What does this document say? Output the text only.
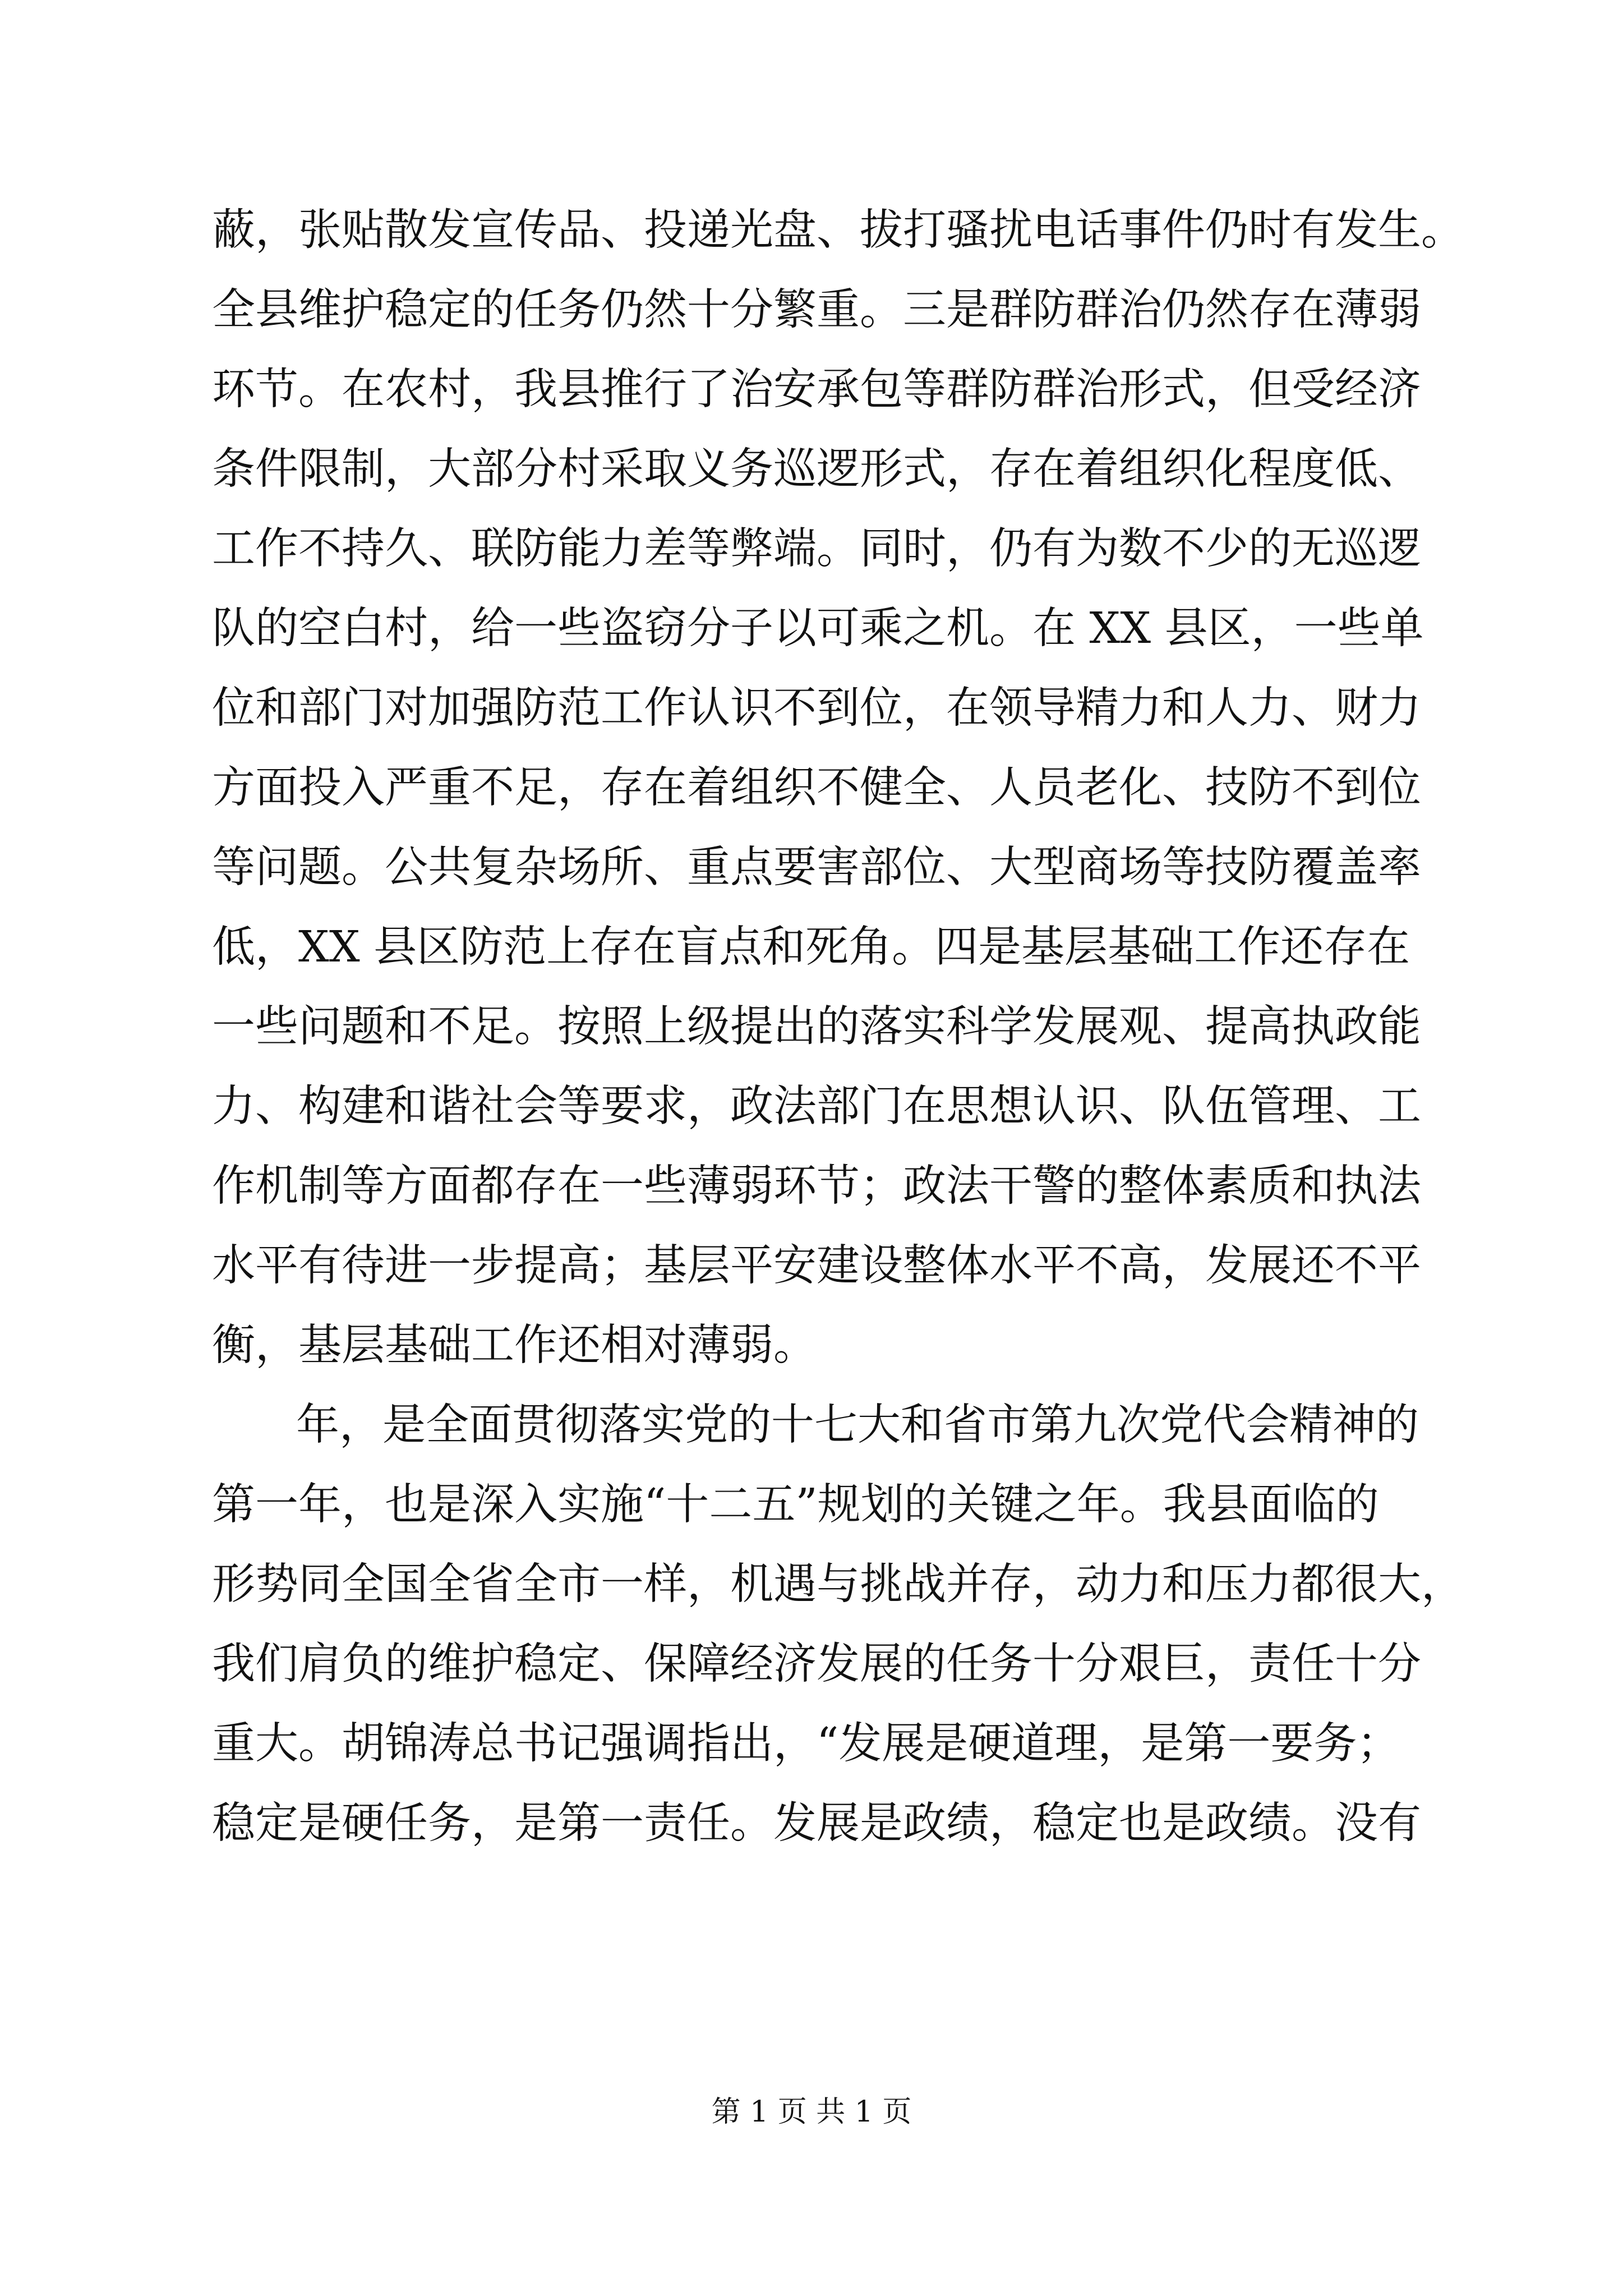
蔽，张贴散发宣传品、投递光盘、拔打骚扰电话事件仍时有发生。
全县维护稳定的任务仍然十分繁重。三是群防群治仍然存在薄弱
环节。在农村，我县推行了治安承包等群防群治形式，但受经济
条件限制，大部分村采取义务巡逻形式，存在着组织化程度低、
工作不持久、联防能力差等弊端。同时，仍有为数不少的无巡逻
队的空白村，给一些盗窃分子以可乘之机。在 XX 县区，一些单
位和部门对加强防范工作认识不到位，在领导精力和人力、财力
方面投入严重不足，存在着组织不健全、人员老化、技防不到位
等问题。公共复杂场所、重点要害部位、大型商场等技防覆盖率
低，XX 县区防范上存在盲点和死角。四是基层基础工作还存在
一些问题和不足。按照上级提出的落实科学发展观、提高执政能
力、构建和谐社会等要求，政法部门在思想认识、队伍管理、工
作机制等方面都存在一些薄弱环节；政法干警的整体素质和执法
水平有待进一步提高；基层平安建设整体水平不高，发展还不平
衡，基层基础工作还相对薄弱。
年，是全面贯彻落实党的十七大和省市第九次党代会精神的
第一年，也是深入实施“十二五”规划的关键之年。我县面临的
形势同全国全省全市一样，机遇与挑战并存，动力和压力都很大，
我们肩负的维护稳定、保障经济发展的任务十分艰巨，责任十分
重大。胡锦涛总书记强调指出，“发展是硬道理，是第一要务；
稳定是硬任务，是第一责任。发展是政绩，稳定也是政绩。没有
第 1 页 共 1 页
